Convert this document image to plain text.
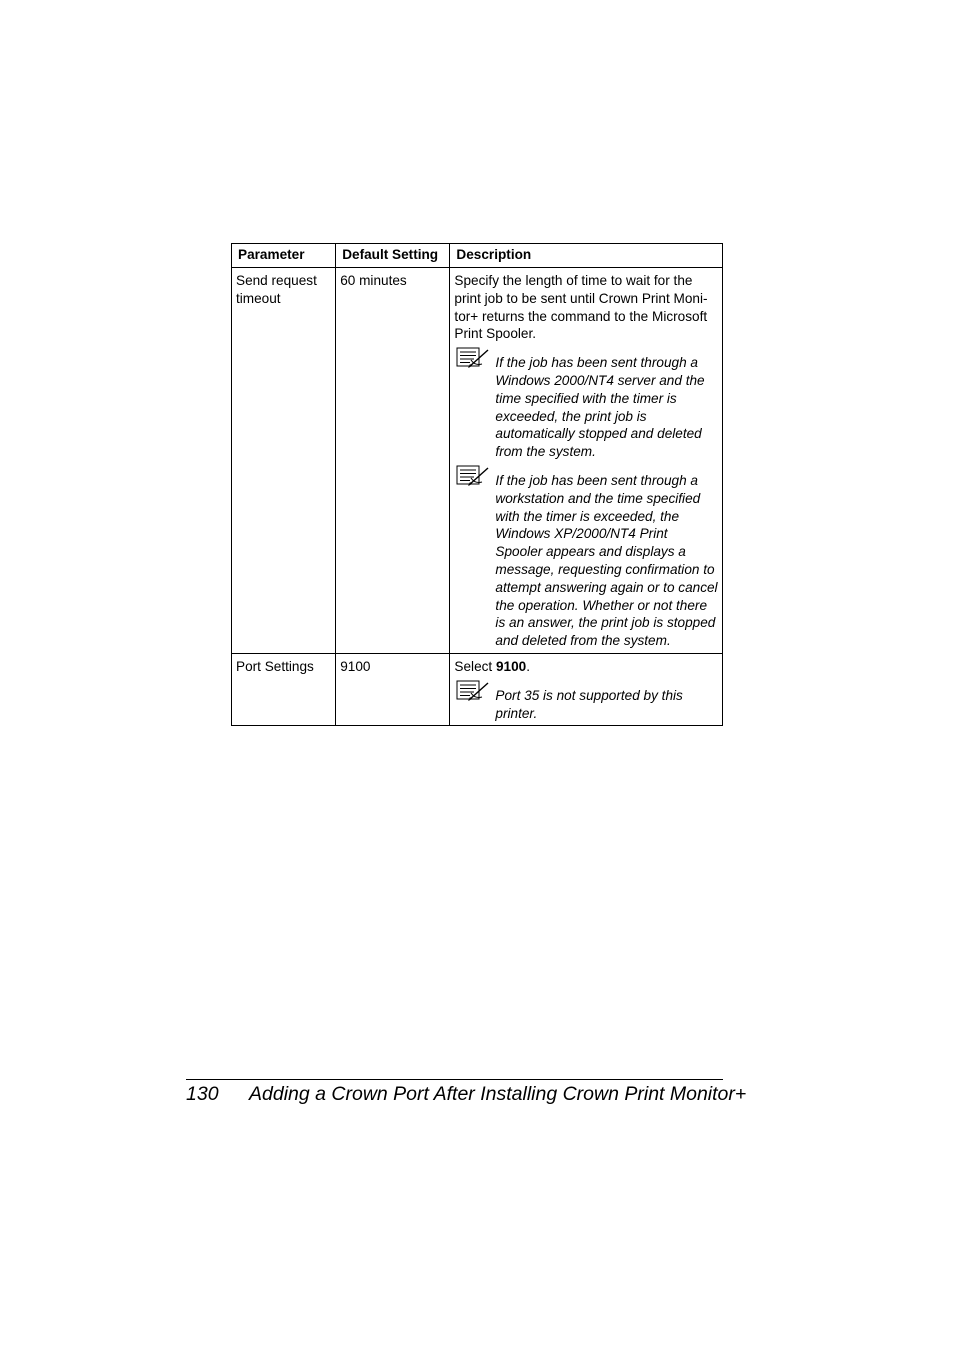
Parameter	Default Setting	Description
Send request timeout	60 minutes	Specify the length of time to wait for the print job to be sent until Crown Print Moni-tor+ returns the command to the Microsoft Print Spooler.
If the job has been sent through a Windows 2000/NT4 server and the time specified with the timer is exceeded, the print job is automatically stopped and deleted from the system.
If the job has been sent through a workstation and the time specified with the timer is exceeded, the Windows XP/2000/NT4 Print Spooler appears and displays a message, requesting confirmation to attempt answering again or to cancel the operation. Whether or not there is an answer, the print job is stopped and deleted from the system.

Port Settings	9100	Select 9100.
Port 35 is not supported by this printer.
130 Adding a Crown Port After Installing Crown Print Monitor+
